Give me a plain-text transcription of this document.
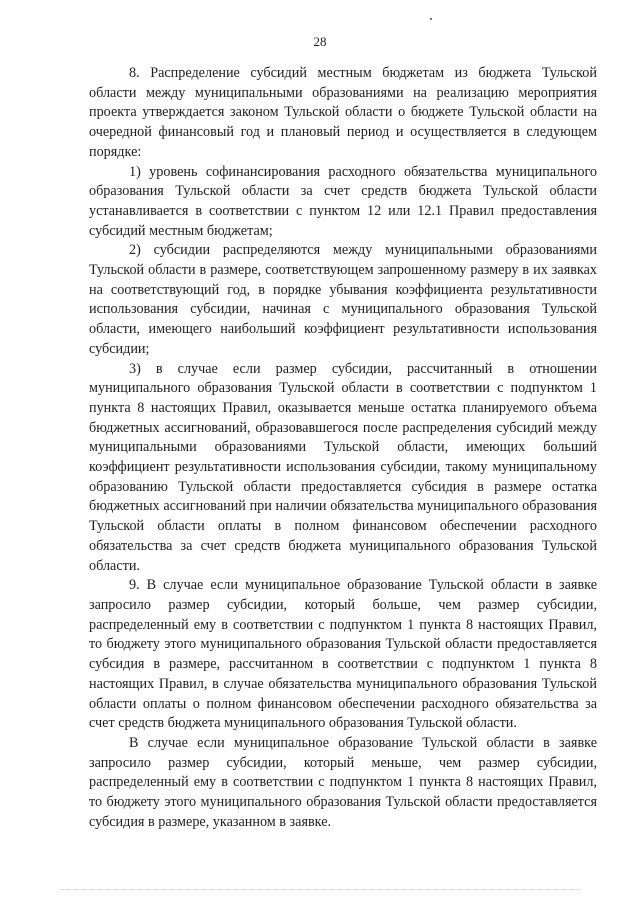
28

8. Распределение субсидий местным бюджетам из бюджета Тульской области между муниципальными образованиями на реализацию мероприятия проекта утверждается законом Тульской области о бюджете Тульской области на очередной финансовый год и плановый период и осуществляется в следующем порядке:

1) уровень софинансирования расходного обязательства муниципального образования Тульской области за счет средств бюджета Тульской области устанавливается в соответствии с пунктом 12 или 12.1 Правил предоставления субсидий местным бюджетам;

2) субсидии распределяются между муниципальными образованиями Тульской области в размере, соответствующем запрошенному размеру в их заявках на соответствующий год, в порядке убывания коэффициента результативности использования субсидии, начиная с муниципального образования Тульской области, имеющего наибольший коэффициент результативности использования субсидии;

3) в случае если размер субсидии, рассчитанный в отношении муниципального образования Тульской области в соответствии с подпунктом 1 пункта 8 настоящих Правил, оказывается меньше остатка планируемого объема бюджетных ассигнований, образовавшегося после распределения субсидий между муниципальными образованиями Тульской области, имеющих больший коэффициент результативности использования субсидии, такому муниципальному образованию Тульской области предоставляется субсидия в размере остатка бюджетных ассигнований при наличии обязательства муниципального образования Тульской области оплаты в полном финансовом обеспечении расходного обязательства за счет средств бюджета муниципального образования Тульской области.

9. В случае если муниципальное образование Тульской области в заявке запросило размер субсидии, который больше, чем размер субсидии, распределенный ему в соответствии с подпунктом 1 пункта 8 настоящих Правил, то бюджету этого муниципального образования Тульской области предоставляется субсидия в размере, рассчитанном в соответствии с подпунктом 1 пункта 8 настоящих Правил, в случае обязательства муниципального образования Тульской области оплаты о полном финансовом обеспечении расходного обязательства за счет средств бюджета муниципального образования Тульской области.

В случае если муниципальное образование Тульской области в заявке запросило размер субсидии, который меньше, чем размер субсидии, распределенный ему в соответствии с подпунктом 1 пункта 8 настоящих Правил, то бюджету этого муниципального образования Тульской области предоставляется субсидия в размере, указанном в заявке.
